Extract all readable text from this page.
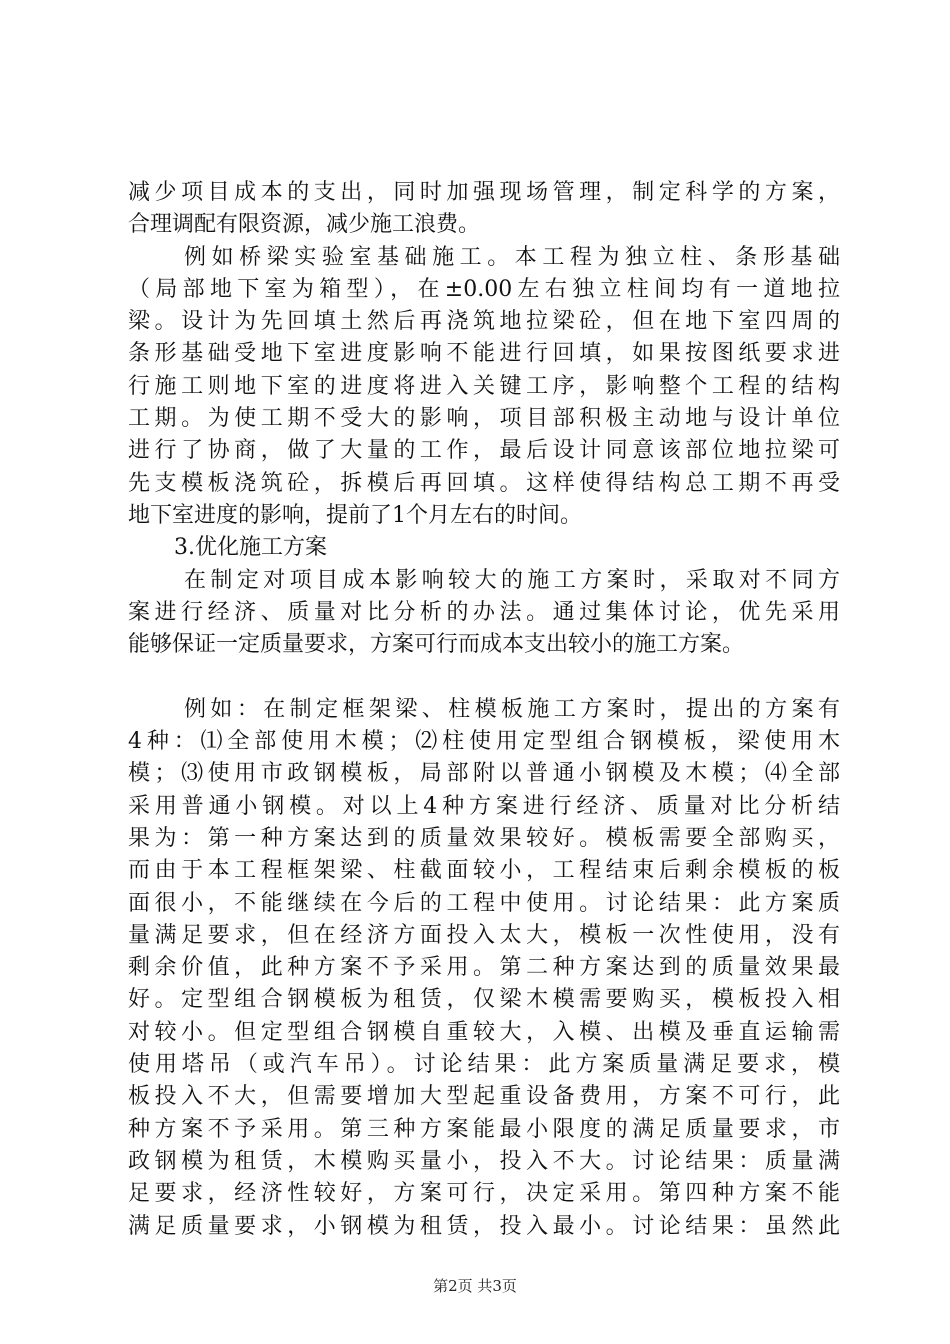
减少项目成本的支出，同时加强现场管理，制定科学的方案，
合理调配有限资源，减少施工浪费。
例如桥梁实验室基础施工。本工程为独立柱、条形基础
（局部地下室为箱型），在±0.00左右独立柱间均有一道地拉
梁。设计为先回填土然后再浇筑地拉梁砼，但在地下室四周的
条形基础受地下室进度影响不能进行回填，如果按图纸要求进
行施工则地下室的进度将进入关键工序，影响整个工程的结构
工期。为使工期不受大的影响，项目部积极主动地与设计单位
进行了协商，做了大量的工作，最后设计同意该部位地拉梁可
先支模板浇筑砼，拆模后再回填。这样使得结构总工期不再受
地下室进度的影响，提前了1个月左右的时间。
3.优化施工方案
在制定对项目成本影响较大的施工方案时，采取对不同方
案进行经济、质量对比分析的办法。通过集体讨论，优先采用
能够保证一定质量要求，方案可行而成本支出较小的施工方案。
例如：在制定框架梁、柱模板施工方案时，提出的方案有
4种：⑴全部使用木模；⑵柱使用定型组合钢模板，梁使用木
模；⑶使用市政钢模板，局部附以普通小钢模及木模；⑷全部
采用普通小钢模。对以上4种方案进行经济、质量对比分析结
果为：第一种方案达到的质量效果较好。模板需要全部购买，
而由于本工程框架梁、柱截面较小，工程结束后剩余模板的板
面很小，不能继续在今后的工程中使用。讨论结果：此方案质
量满足要求，但在经济方面投入太大，模板一次性使用，没有
剩余价值，此种方案不予采用。第二种方案达到的质量效果最
好。定型组合钢模板为租赁，仅梁木模需要购买，模板投入相
对较小。但定型组合钢模自重较大，入模、出模及垂直运输需
使用塔吊（或汽车吊）。讨论结果：此方案质量满足要求，模
板投入不大，但需要增加大型起重设备费用，方案不可行，此
种方案不予采用。第三种方案能最小限度的满足质量要求，市
政钢模为租赁，木模购买量小，投入不大。讨论结果：质量满
足要求，经济性较好，方案可行，决定采用。第四种方案不能
满足质量要求，小钢模为租赁，投入最小。讨论结果：虽然此
第2页 共3页
